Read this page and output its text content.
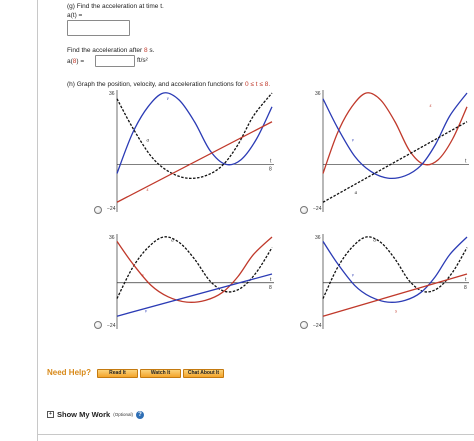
(g) Find the acceleration at time t.
a(t) =
Find the acceleration after 8 s.
a(8) =	ft/s²
(h) Graph the position, velocity, and acceleration functions for 0 ≤ t ≤ 8.
v
a
s
36
−24
8
t
s
v
a
36
−24
t
a
s
v
36
−24
8
t
a
v
s
36
−24
8
t
Need Help?	Read It	Watch It	Chat About It
+ Show My Work (Optional) ?
